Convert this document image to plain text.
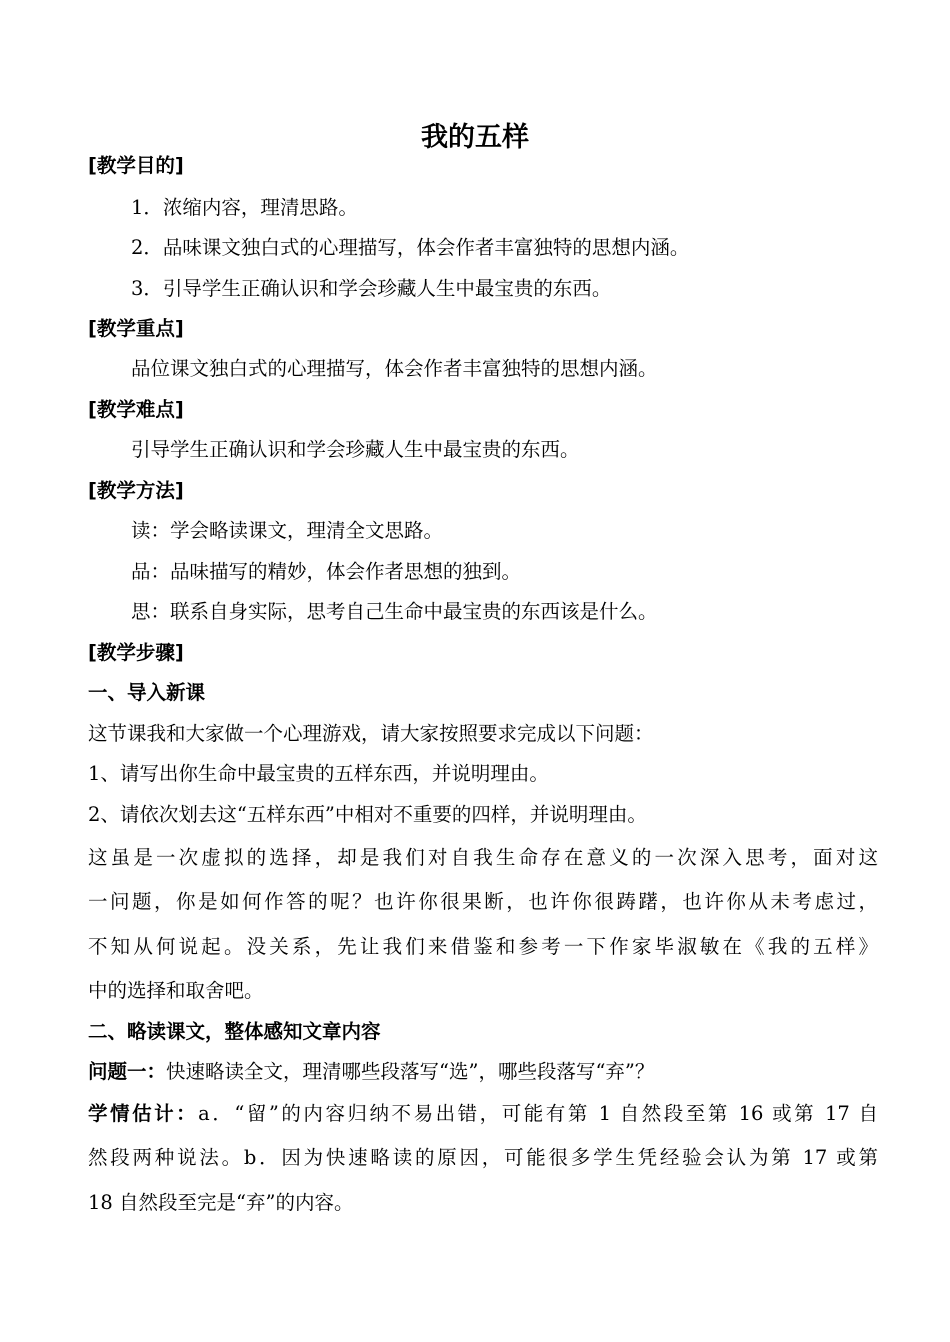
我的五样
[教学目的]
1．浓缩内容，理清思路。
2．品味课文独白式的心理描写，体会作者丰富独特的思想内涵。
3．引导学生正确认识和学会珍藏人生中最宝贵的东西。
[教学重点]
品位课文独白式的心理描写，体会作者丰富独特的思想内涵。
[教学难点]
引导学生正确认识和学会珍藏人生中最宝贵的东西。
[教学方法]
读：学会略读课文，理清全文思路。
品：品味描写的精妙，体会作者思想的独到。
思：联系自身实际，思考自己生命中最宝贵的东西该是什么。
[教学步骤]
一、导入新课
这节课我和大家做一个心理游戏，请大家按照要求完成以下问题：
1、请写出你生命中最宝贵的五样东西，并说明理由。
2、请依次划去这“五样东西”中相对不重要的四样，并说明理由。
这虽是一次虚拟的选择，却是我们对自我生命存在意义的一次深入思考，面对这
一问题，你是如何作答的呢？也许你很果断，也许你很踌躇，也许你从未考虑过，
不知从何说起。没关系，先让我们来借鉴和参考一下作家毕淑敏在《我的五样》
中的选择和取舍吧。
二、略读课文，整体感知文章内容
问题一：快速略读全文，理清哪些段落写“选”，哪些段落写“弃”？
学情估计：a．“留”的内容归纳不易出错，可能有第 1 自然段至第 16 或第 17 自
然段两种说法。b．因为快速略读的原因，可能很多学生凭经验会认为第 17 或第
18 自然段至完是“弃”的内容。
